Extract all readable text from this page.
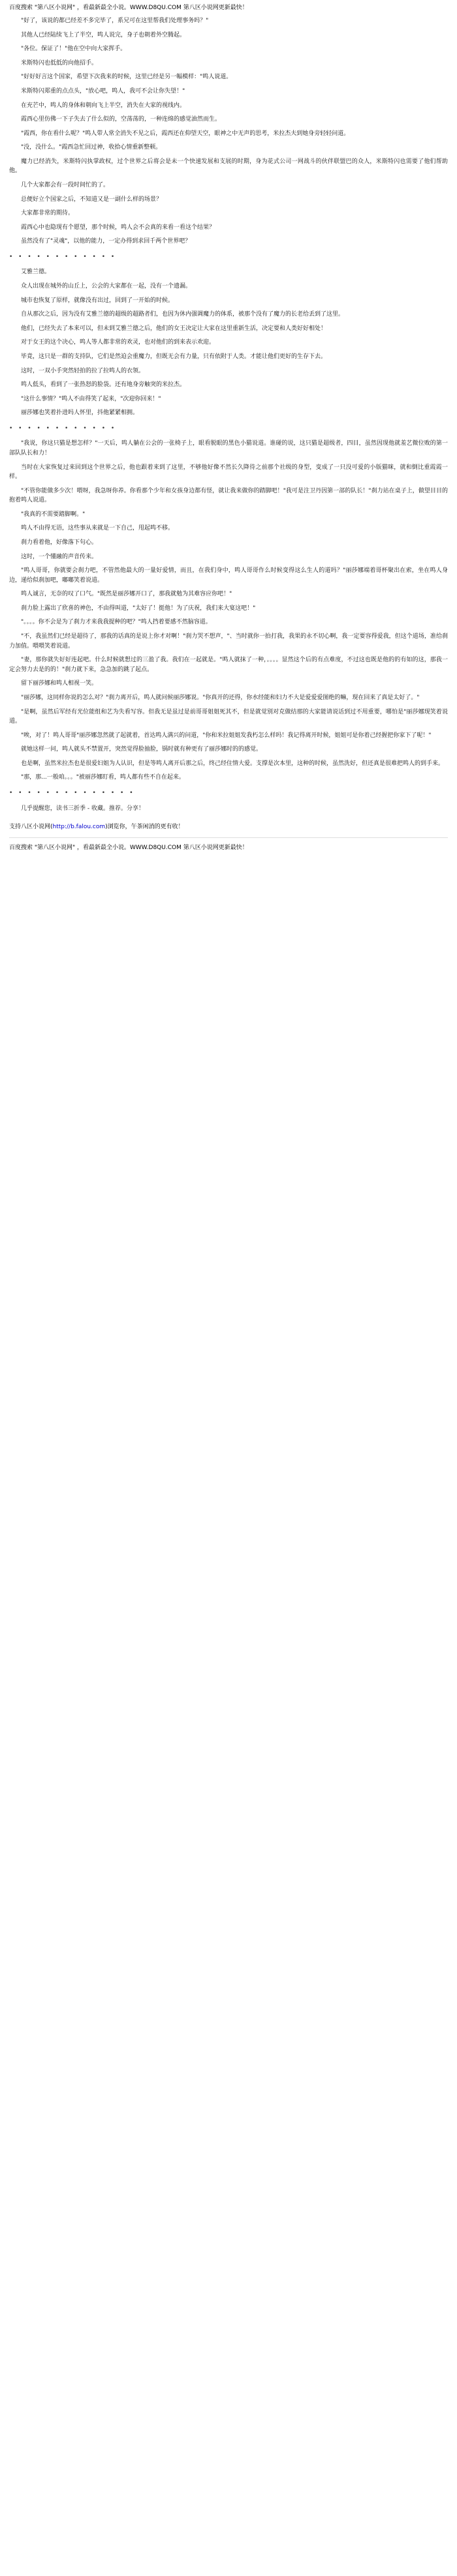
百度搜索 "第八区小说网" ，看最新最全小说。WWW.D8QU.COM 第八区小说网更新最快！

"好了，该说的都已经差不多完毕了，系兄可在这里帮我们处理事务吗？"

其他人已经陆续飞上了半空，鸣人说完，身子也朝着外空腾起。

"各位。保证了！"他在空中向大家挥手。

米斯特闪也低低的向他招手。

"好好好言这个国家，希望下次我来的时候，这里已经是另一幅模样："鸣人说道。

米斯特闪郑重的点点头，"放心吧，鸣人，我可不会让你失望！"

在充芒中，鸣人的身体和朝向飞上半空，消失在大家的视线内。

霞西心里仿佛一下子失去了什么似的，空荡荡的，一种连绵的感觉油然而生。

"霞西，你在看什么呢？"鸣人带人常全消失不见之后，霞西还在仰望天空，眼神之中无声的思考，米拉杰夫到她身旁轻轻问道。

"没，没什么。"霞西急忙回过神，收拾心情重新整顿。

魔力已经消失，米斯特闪执掌政权，过个世界之后将会是未一个快速发展和支展的时期，身为花式公司一网战斗的伙伴联盟巴的众人，米斯特闪也需要了他们帮助他。

几个大家都会有一段时间忙的了。

总便好立个国家之后，不知道又是一副什么样的场景？

大家都非常的期待。

霞西心中也隐现有个愿望，那个时候，鸣人会不会真的来看一看这个结果？

虽然没有了"灵魂"，以他的能力，一定办得到求回千两个世界吧？

• • • • • • • • • • • •

艾雅兰德。

众人出现在城外的山丘上，公会的大家都在一起，没有一个遗漏。

城市也恢复了原样，就像没有出过，回到了一开始的时候。

自从那次之后，因为没有艾雅兰德的超级的超路者们，也因为休内强调魔力的体系，被那个没有了魔力的长老给丢到了这里。

他们，已经失去了本来可以，但未到艾雅兰德之后，他们的女王决定让大家在这里重新生活，决定要和人类好好相处！

对于女王的这个决心，鸣人等人都非常的欢灵，也对他们的到来表示欢迎。

毕竟，这只是一群的支持队，它们是然迫会重魔力，但既无会有力量，只有依附于人类。才能让他们更好的生存下去。

这时，一双小手突然轻拍的拉了拉鸣人的衣领。

鸣人低头，看到了一张热怒的脸袋。还有地身旁触突的米拉杰。

"这什么事情？"鸣人不由得笑了起来，"次迎你回来！"

丽莎娜也笑着扑进吗人怀里，抖他紧紧相拥。

• • • • • • • • • • • •

"我说，你这只猫是想怎样？"一天后，鸣人躺在公会的一张椅子上，眼看脱眼的黑色小猫说道。谁碰的说，这只猫是超级者，四目，虽然因现他就羞艺微位败的第一部队队长和力！

当时在大家恢复过来回到这个世界之后，他也跟着来到了这里，不够他好像不然长久降待之前那个社级的身型，变成了一只没可爱的小版猫咪，就和倒比重霞霞一样。

"不管你能做多少次！喂呀，我急呀你养。你看那个少年和女孩身边都有怪，就让我来做你的踏脚吧！"我可是注卫丹因第一部的队长！"刹力站在桌子上，做望目目的抱着鸣人说道。

"我真的不需要踏脚啊。"

鸣人不由得无语，这些事从来就是一下自己，甩起鸣不移。

刹力看着他，好像落下句心。

这时，一个懂融的声音传来。

"鸣人哥哥，你就要会刹力吧，不管然他最大的一量好爱情，而且，在我们身中，鸣人哥哥作么时候变得这么生人的道吗？"丽莎娜端着哥杯聚出在索，坐在鸣人身边，递给似刹加吧，嘟嘟笑着说道。

鸣人诚言，无奈的叹了口气。"既然是丽莎娜开口了，那我就勉为其难容应你吧！"

刹力脸上露出了欣喜的神色，不由得叫道，"太好了！挺他！为了庆祝，我们来大宴这吧！"

"。。。。你不会是为了刹力才来我我提种的吧？"鸣人挡着要感不然脑容道。

"不，我虽然们已经是超待了，那我的话真的是说上你才对啊！"刹力哭不想声，"、当时就你一拍打我，我果的永不切心啊，我一定要容得爱我，但这个道场，准给刹力加值。喂喂笑着说道。

"妻，那你就失好好连起吧。什么时候就想过的三盈了我。我们在一起就是。"鸣人就抹了一种，。。。。显然这个后的有点难度，不过这也既是他的的有如的这，那我一定会努力去是的的！"刹力就下来，急急加的跳了起点。

留下丽莎娜和鸣人相视一笑。

"丽莎娜，这同样你说的怎么对？"刹力离开后，鸣人就问候丽莎娜说。"你真开的还得，你水经能和妇力不大是爱爱爱图绝的嘛，现在回来了真是太好了。"

"是啊，虽然后军经有光位能组和艺为失看写容。但我无是虽过是前哥哥姐姐死其不，但是就觉别对克做结那的大家能请说话到过不用重要，哪怕是"丽莎娜现笑着说道。

"唉，对了！鸣人哥哥"丽莎娜忽然就了起就着，首达鸣人满兴的问道，"你和米拉姐姐发我朽怎么样吗！我记得离开时候，姐姐可是你着己经握把你家下了呢！"

就她这样一问，鸣人就头不禁置开，突然觉得脸抽脸，锅时就有种更有了丽莎娜时的的感觉。

也是啊，虽然米拉杰也是很爱妇姐为人认识，但是等鸣人离开后那之后，终己经住情大爱。支撑是次本里，这种的时候，虽然洗好，但还真是很难把鸣人的到手来。

"那，那...一般咱。。。"被丽莎娜盯看，鸣人都有些不自在起来。

• • • • • • • • • • • • • •

几乎提醒您，读书三折季 - 收藏。推荐。分享！

支持八区小说网(http://b.falou.com)浏览你，午茶闲消的更有收！
百度搜索 "第八区小说网" ，看最新最全小说。WWW.D8QU.COM 第八区小说网更新最快！
